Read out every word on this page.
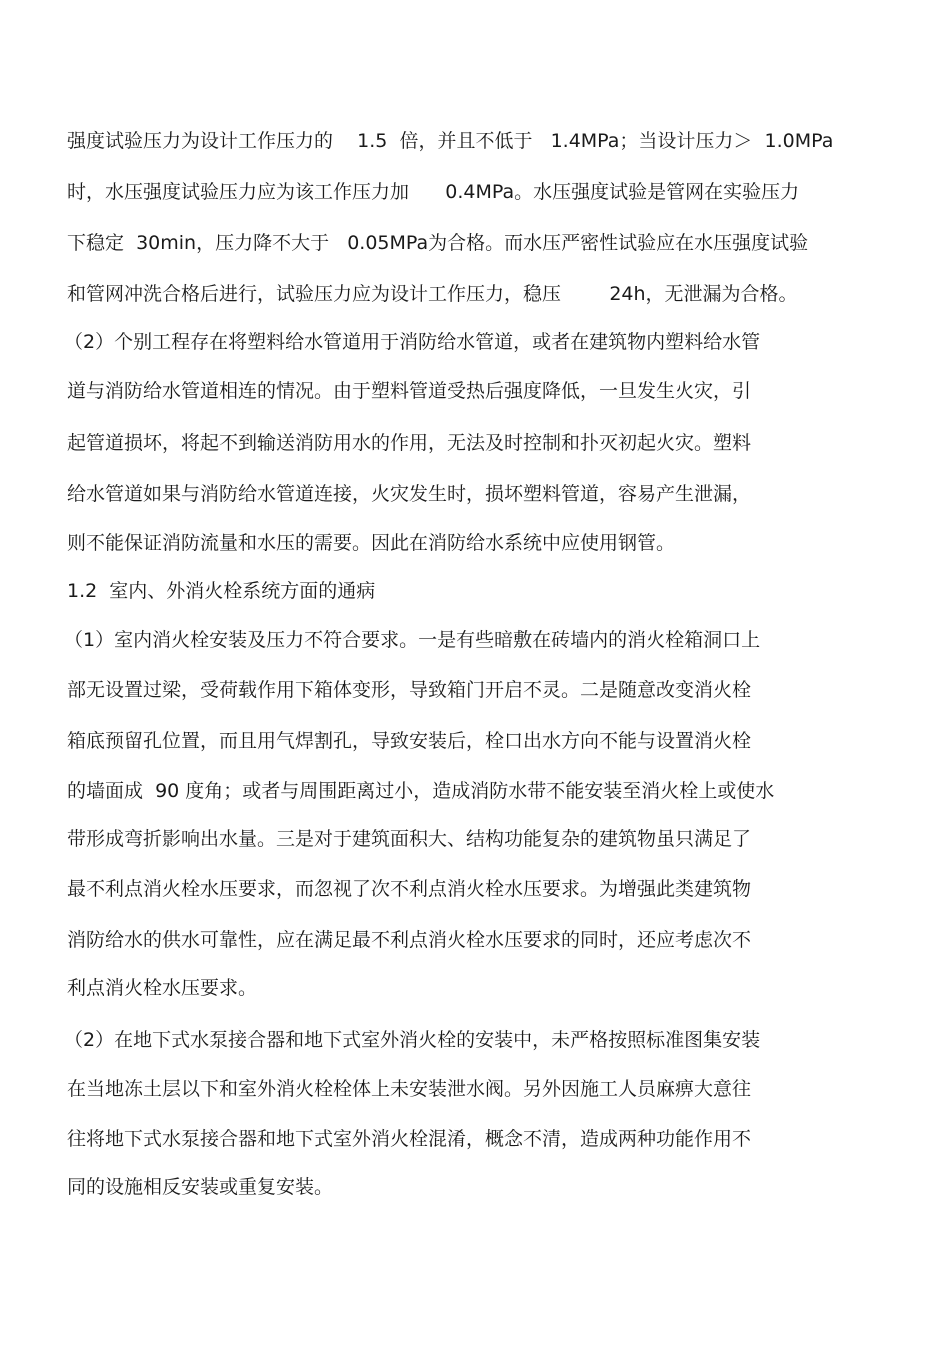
强度试验压力为设计工作压力的    1.5  倍，并且不低于   1.4MPa；当设计压力＞  1.0MPa
时，水压强度试验压力应为该工作压力加      0.4MPa。水压强度试验是管网在实验压力
下稳定  30min，压力降不大于   0.05MPa为合格。而水压严密性试验应在水压强度试验
和管网冲洗合格后进行，试验压力应为设计工作压力，稳压        24h，无泄漏为合格。
（2）个别工程存在将塑料给水管道用于消防给水管道，或者在建筑物内塑料给水管
道与消防给水管道相连的情况。由于塑料管道受热后强度降低，一旦发生火灾，引
起管道损坏，将起不到输送消防用水的作用，无法及时控制和扑灭初起火灾。塑料
给水管道如果与消防给水管道连接，火灾发生时，损坏塑料管道，容易产生泄漏，
则不能保证消防流量和水压的需要。因此在消防给水系统中应使用钢管。
1.2  室内、外消火栓系统方面的通病
（1）室内消火栓安装及压力不符合要求。一是有些暗敷在砖墙内的消火栓箱洞口上
部无设置过梁，受荷载作用下箱体变形，导致箱门开启不灵。二是随意改变消火栓
箱底预留孔位置，而且用气焊割孔，导致安装后，栓口出水方向不能与设置消火栓
的墙面成  90 度角；或者与周围距离过小，造成消防水带不能安装至消火栓上或使水
带形成弯折影响出水量。三是对于建筑面积大、结构功能复杂的建筑物虽只满足了
最不利点消火栓水压要求，而忽视了次不利点消火栓水压要求。为增强此类建筑物
消防给水的供水可靠性，应在满足最不利点消火栓水压要求的同时，还应考虑次不
利点消火栓水压要求。
（2）在地下式水泵接合器和地下式室外消火栓的安装中，未严格按照标准图集安装
在当地冻土层以下和室外消火栓栓体上未安装泄水阀。另外因施工人员麻痹大意往
往将地下式水泵接合器和地下式室外消火栓混淆，概念不清，造成两种功能作用不
同的设施相反安装或重复安装。
